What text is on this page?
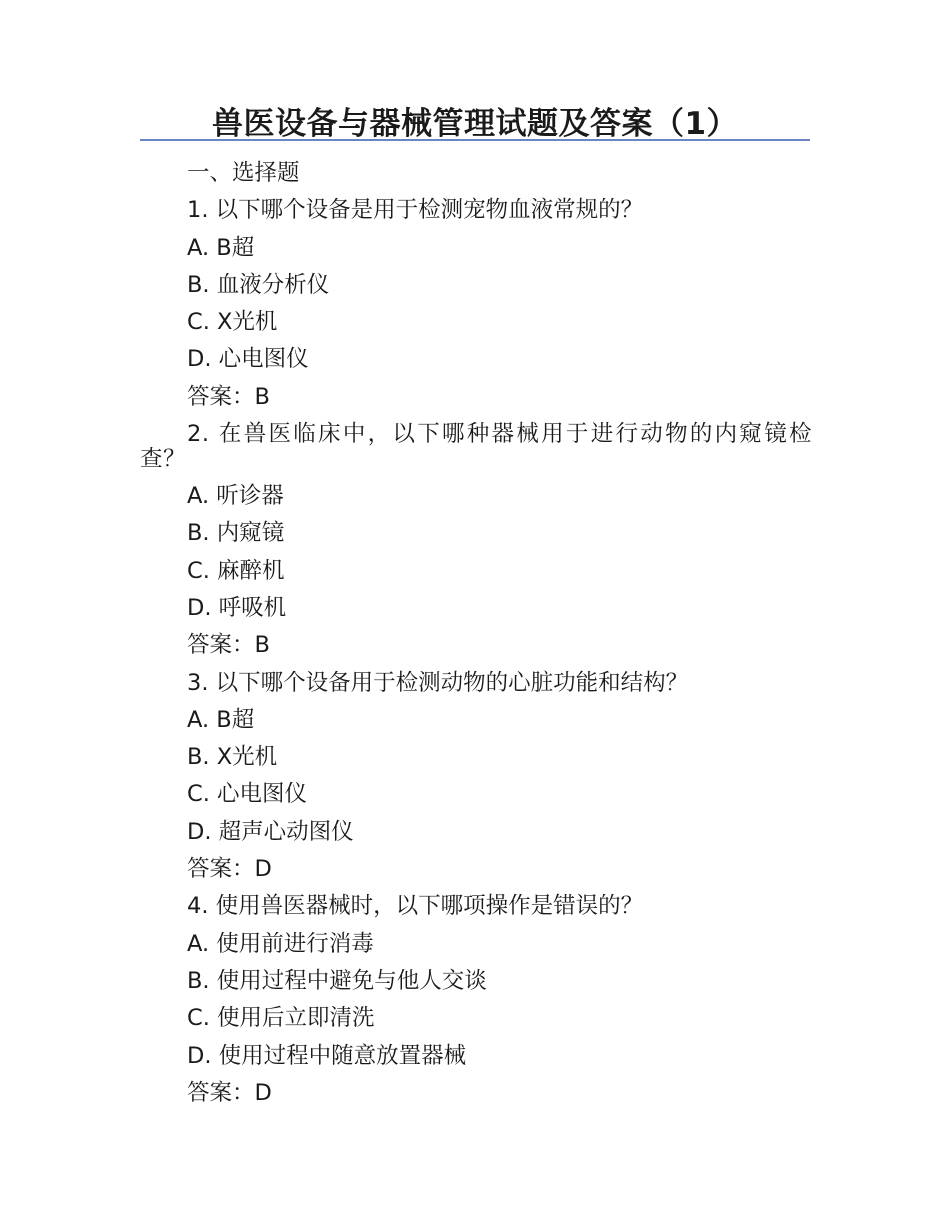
兽医设备与器械管理试题及答案（1）
一、选择题
1. 以下哪个设备是用于检测宠物血液常规的？
A. B超
B. 血液分析仪
C. X光机
D. 心电图仪
答案：B
2. 在兽医临床中，以下哪种器械用于进行动物的内窥镜检查？
A. 听诊器
B. 内窥镜
C. 麻醉机
D. 呼吸机
答案：B
3. 以下哪个设备用于检测动物的心脏功能和结构？
A. B超
B. X光机
C. 心电图仪
D. 超声心动图仪
答案：D
4. 使用兽医器械时，以下哪项操作是错误的？
A. 使用前进行消毒
B. 使用过程中避免与他人交谈
C. 使用后立即清洗
D. 使用过程中随意放置器械
答案：D
